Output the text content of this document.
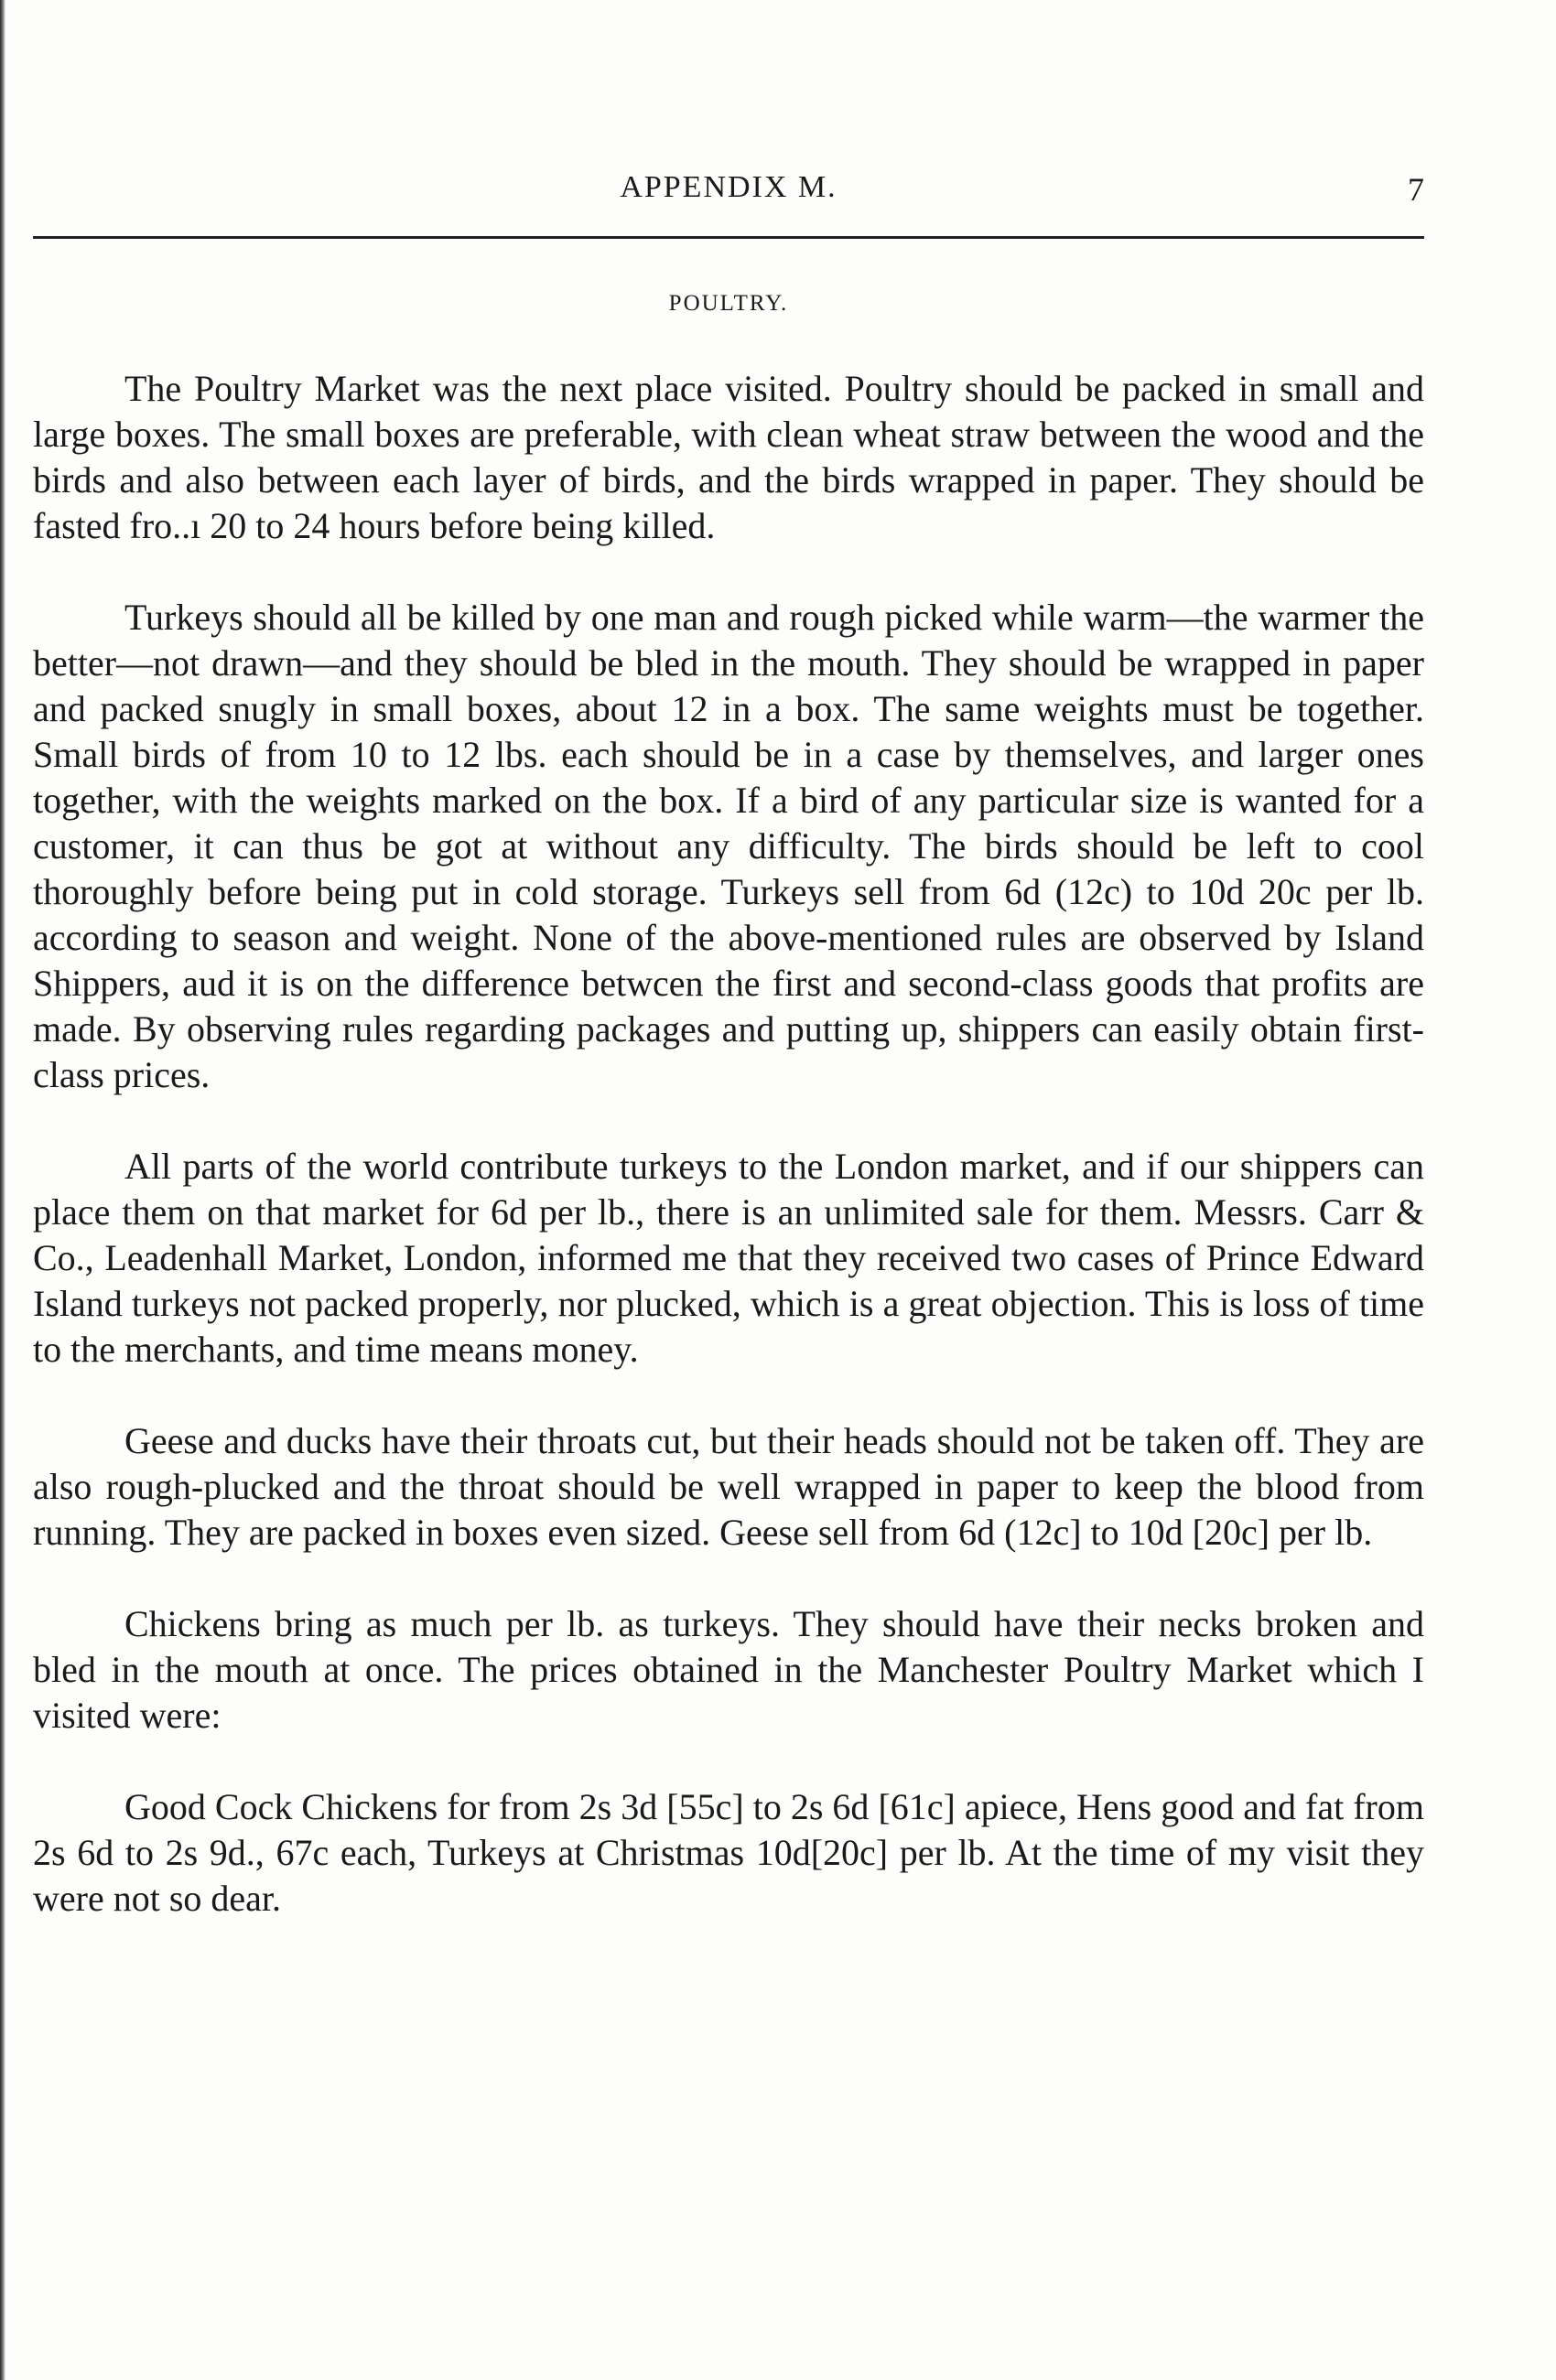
APPENDIX M.	7
POULTRY.

The Poultry Market was the next place visited. Poultry should be packed in small and large boxes. The small boxes are preferable, with clean wheat straw between the wood and the birds and also between each layer of birds, and the birds wrapped in paper. They should be fasted fro..ı 20 to 24 hours before being killed.

Turkeys should all be killed by one man and rough picked while warm—the warmer the better—not drawn—and they should be bled in the mouth. They should be wrapped in paper and packed snugly in small boxes, about 12 in a box. The same weights must be together. Small birds of from 10 to 12 lbs. each should be in a case by themselves, and larger ones together, with the weights marked on the box. If a bird of any particular size is wanted for a customer, it can thus be got at without any difficulty. The birds should be left to cool thoroughly before being put in cold storage. Turkeys sell from 6d (12c) to 10d 20c per lb. according to season and weight. None of the above-mentioned rules are observed by Island Shippers, aud it is on the difference betwcen the first and second-class goods that profits are made. By observing rules regarding packages and putting up, shippers can easily obtain first-class prices.

All parts of the world contribute turkeys to the London market, and if our shippers can place them on that market for 6d per lb., there is an unlimited sale for them. Messrs. Carr & Co., Leadenhall Market, London, informed me that they received two cases of Prince Edward Island turkeys not packed properly, nor plucked, which is a great objection. This is loss of time to the merchants, and time means money.

Geese and ducks have their throats cut, but their heads should not be taken off. They are also rough-plucked and the throat should be well wrapped in paper to keep the blood from running. They are packed in boxes even sized. Geese sell from 6d (12c] to 10d [20c] per lb.

Chickens bring as much per lb. as turkeys. They should have their necks broken and bled in the mouth at once. The prices obtained in the Manchester Poultry Market which I visited were:

Good Cock Chickens for from 2s 3d [55c] to 2s 6d [61c] apiece, Hens good and fat from 2s 6d to 2s 9d., 67c each, Turkeys at Christmas 10d[20c] per lb. At the time of my visit they were not so dear.
